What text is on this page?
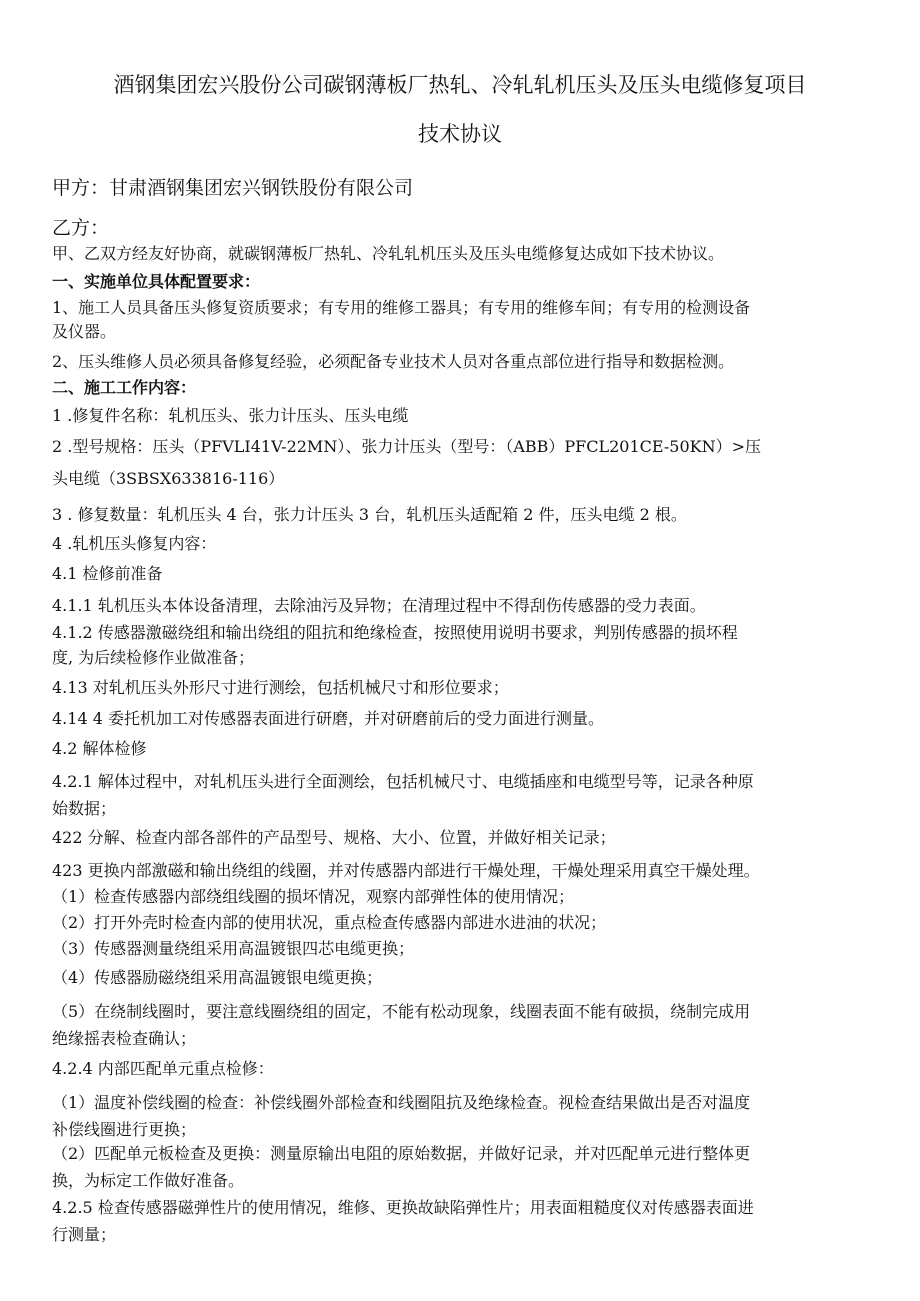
酒钢集团宏兴股份公司碳钢薄板厂热轧、冷轧轧机压头及压头电缆修复项目
技术协议
甲方：甘肃酒钢集团宏兴钢铁股份有限公司
乙方：
甲、乙双方经友好协商，就碳钢薄板厂热轧、冷轧轧机压头及压头电缆修复达成如下技术协议。
一、实施单位具体配置要求：
1、施工人员具备压头修复资质要求；有专用的维修工器具；有专用的维修车间；有专用的检测设备
及仪器。
2、压头维修人员必须具备修复经验，必须配备专业技术人员对各重点部位进行指导和数据检测。
二、施工工作内容：
1 .修复件名称：轧机压头、张力计压头、压头电缆
2 .型号规格：压头（PFVLI41V-22MN）、张力计压头（型号：（ABB）PFCL201CE-50KN）>压
头电缆（3SBSX633816-116）
3 . 修复数量：轧机压头 4 台，张力计压头 3 台，轧机压头适配箱 2 件，压头电缆 2 根。
4 .轧机压头修复内容：
4.1 检修前准备
4.1.1 轧机压头本体设备清理，去除油污及异物；在清理过程中不得刮伤传感器的受力表面。
4.1.2 传感器激磁绕组和输出绕组的阻抗和绝缘检查，按照使用说明书要求，判别传感器的损坏程
度, 为后续检修作业做准备；
4.13 对轧机压头外形尺寸进行测绘，包括机械尺寸和形位要求；
4.14 4 委托机加工对传感器表面进行研磨，并对研磨前后的受力面进行测量。
4.2 解体检修
4.2.1 解体过程中，对轧机压头进行全面测绘，包括机械尺寸、电缆插座和电缆型号等，记录各种原
始数据；
422 分解、检查内部各部件的产品型号、规格、大小、位置，并做好相关记录；
423 更换内部激磁和输出绕组的线圈，并对传感器内部进行干燥处理，干燥处理采用真空干燥处理。
（1）检查传感器内部绕组线圈的损坏情况，观察内部弹性体的使用情况；
（2）打开外壳时检查内部的使用状况，重点检查传感器内部进水进油的状况；
（3）传感器测量绕组采用高温镀银四芯电缆更换；
（4）传感器励磁绕组采用高温镀银电缆更换；
（5）在绕制线圈时，要注意线圈绕组的固定，不能有松动现象，线圈表面不能有破损，绕制完成用
绝缘摇表检查确认；
4.2.4 内部匹配单元重点检修：
（1）温度补偿线圈的检查：补偿线圈外部检查和线圈阻抗及绝缘检查。视检查结果做出是否对温度
补偿线圈进行更换；
（2）匹配单元板检查及更换：测量原输出电阻的原始数据，并做好记录，并对匹配单元进行整体更
换，为标定工作做好准备。
4.2.5 检查传感器磁弹性片的使用情况，维修、更换故缺陷弹性片；用表面粗糙度仪对传感器表面进
行测量；
